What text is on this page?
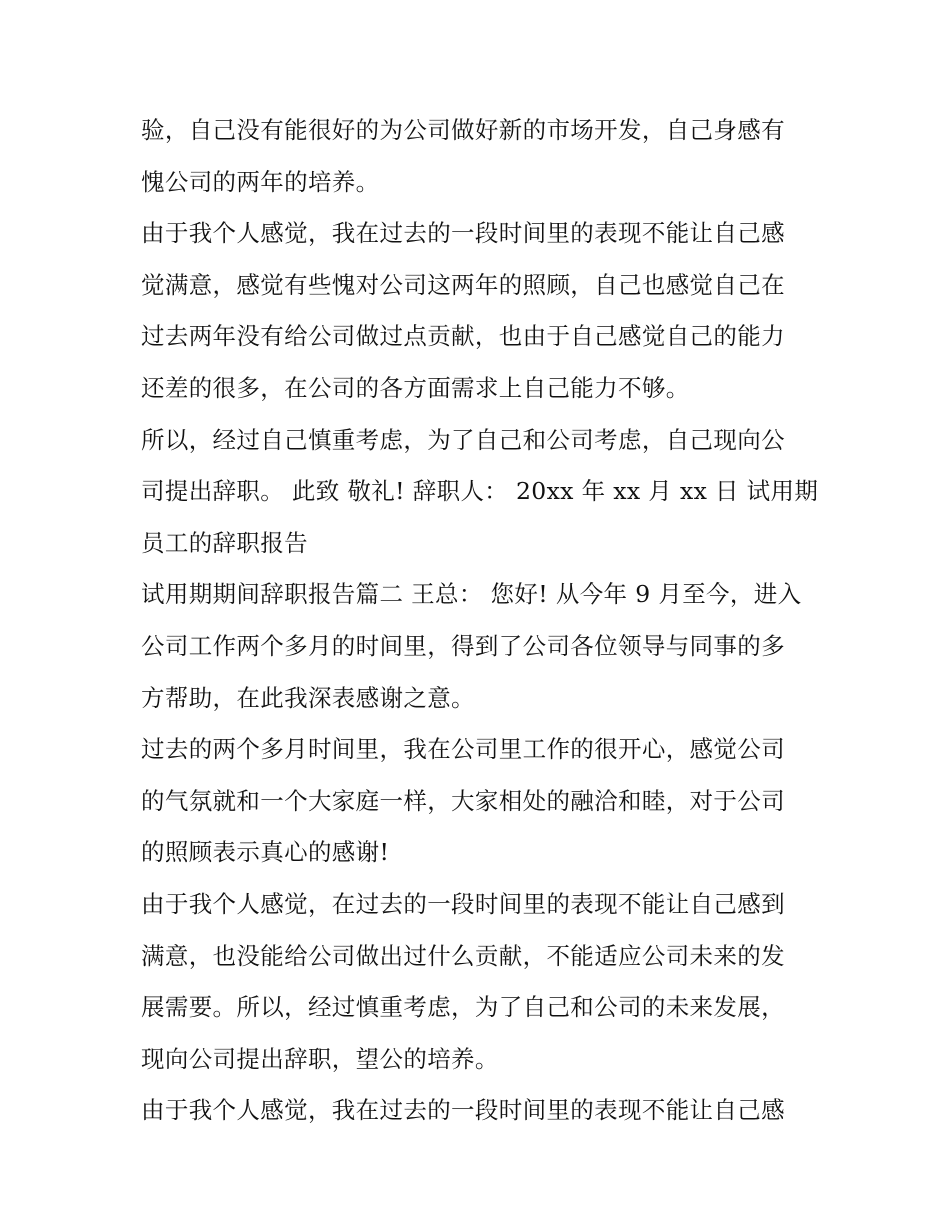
验，自己没有能很好的为公司做好新的市场开发，自己身感有
愧公司的两年的培养。
由于我个人感觉，我在过去的一段时间里的表现不能让自己感
觉满意，感觉有些愧对公司这两年的照顾，自己也感觉自己在
过去两年没有给公司做过点贡献，也由于自己感觉自己的能力
还差的很多，在公司的各方面需求上自己能力不够。
所以，经过自己慎重考虑，为了自己和公司考虑，自己现向公
司提出辞职。 此致 敬礼! 辞职人： 20xx 年 xx 月 xx 日 试用期
员工的辞职报告
试用期期间辞职报告篇二 王总： 您好! 从今年 9 月至今，进入
公司工作两个多月的时间里，得到了公司各位领导与同事的多
方帮助，在此我深表感谢之意。
过去的两个多月时间里，我在公司里工作的很开心，感觉公司
的气氛就和一个大家庭一样，大家相处的融洽和睦，对于公司
的照顾表示真心的感谢!
由于我个人感觉，在过去的一段时间里的表现不能让自己感到
满意，也没能给公司做出过什么贡献，不能适应公司未来的发
展需要。所以，经过慎重考虑，为了自己和公司的未来发展，
现向公司提出辞职，望公的培养。
由于我个人感觉，我在过去的一段时间里的表现不能让自己感
